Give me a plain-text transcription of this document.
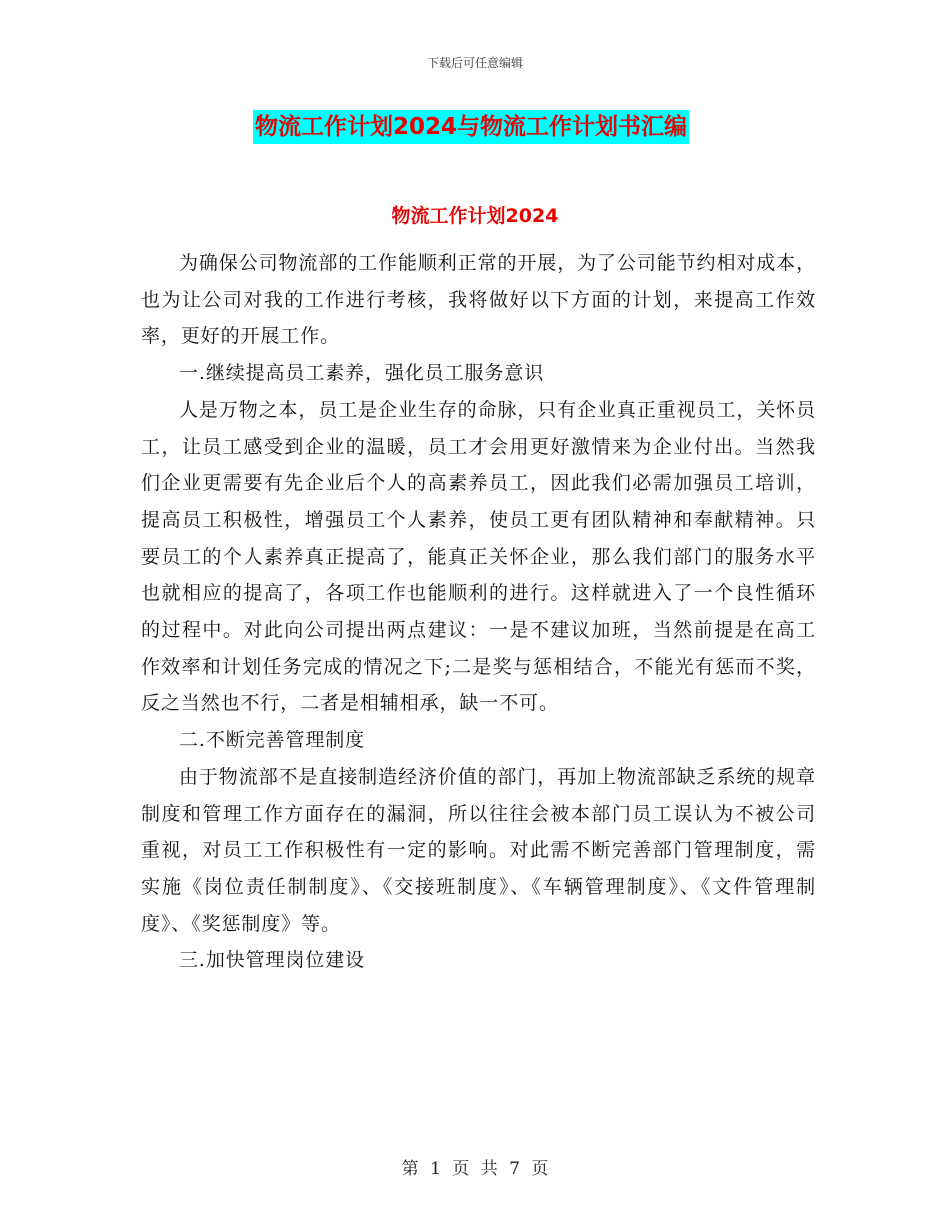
下载后可任意编辑
物流工作计划2024与物流工作计划书汇编
物流工作计划2024

为确保公司物流部的工作能顺利正常的开展，为了公司能节约相对成本，也为让公司对我的工作进行考核，我将做好以下方面的计划，来提高工作效率，更好的开展工作。

一.继续提高员工素养，强化员工服务意识

人是万物之本，员工是企业生存的命脉，只有企业真正重视员工，关怀员工，让员工感受到企业的温暖，员工才会用更好激情来为企业付出。当然我们企业更需要有先企业后个人的高素养员工，因此我们必需加强员工培训，提高员工积极性，增强员工个人素养，使员工更有团队精神和奉献精神。只要员工的个人素养真正提高了，能真正关怀企业，那么我们部门的服务水平也就相应的提高了，各项工作也能顺利的进行。这样就进入了一个良性循环的过程中。对此向公司提出两点建议：一是不建议加班，当然前提是在高工作效率和计划任务完成的情况之下;二是奖与惩相结合，不能光有惩而不奖，反之当然也不行，二者是相辅相承，缺一不可。

二.不断完善管理制度

由于物流部不是直接制造经济价值的部门，再加上物流部缺乏系统的规章制度和管理工作方面存在的漏洞，所以往往会被本部门员工误认为不被公司重视，对员工工作积极性有一定的影响。对此需不断完善部门管理制度，需实施《岗位责任制制度》、《交接班制度》、《车辆管理制度》、《文件管理制度》、《奖惩制度》等。

三.加快管理岗位建设

第 1 页 共 7 页
